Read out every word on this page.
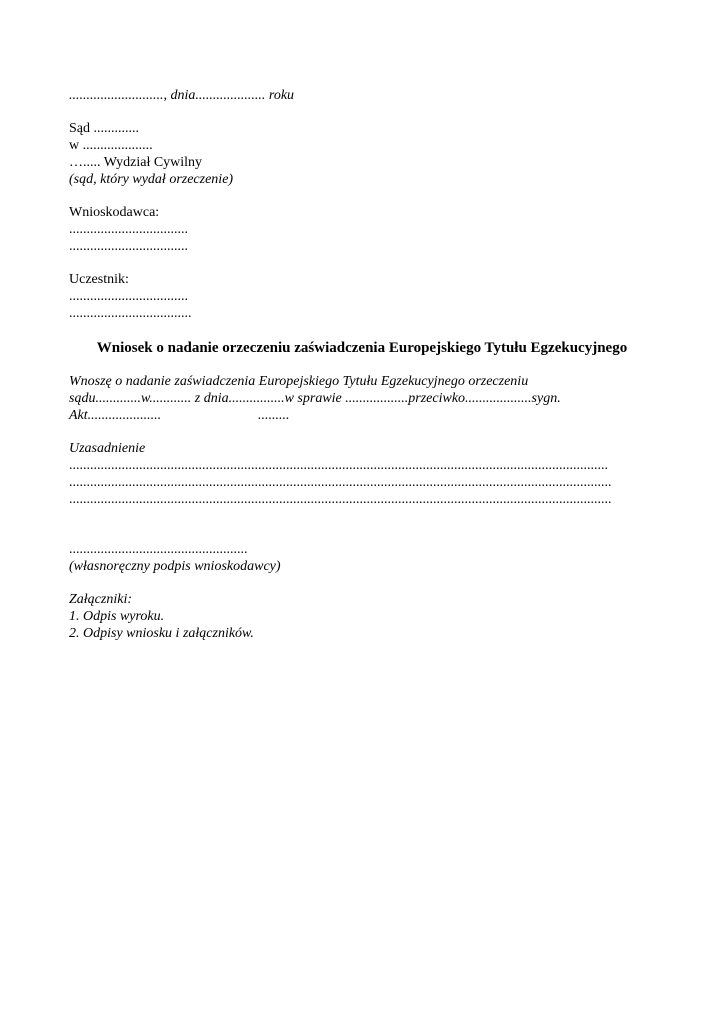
..........................., dnia.................... roku
Sąd .............
w ....................
…..... Wydział Cywilny
(sąd, który wydał orzeczenie)
Wnioskodawca:
..................................
..................................
Uczestnik:
..................................
...................................
Wniosek o nadanie orzeczeniu zaświadczenia Europejskiego Tytułu Egzekucyjnego
Wnoszę o nadanie zaświadczenia Europejskiego Tytułu Egzekucyjnego orzeczeniu
sądu.............w............ z dnia................w sprawie ..................przeciwko...................sygn.
Akt.....................	.........
Uzasadnienie
..........................................................................................................................................................
...........................................................................................................................................................
...........................................................................................................................................................
...................................................
(własnoręczny podpis wnioskodawcy)
Załączniki:
1. Odpis wyroku.
2. Odpisy wniosku i załączników.
